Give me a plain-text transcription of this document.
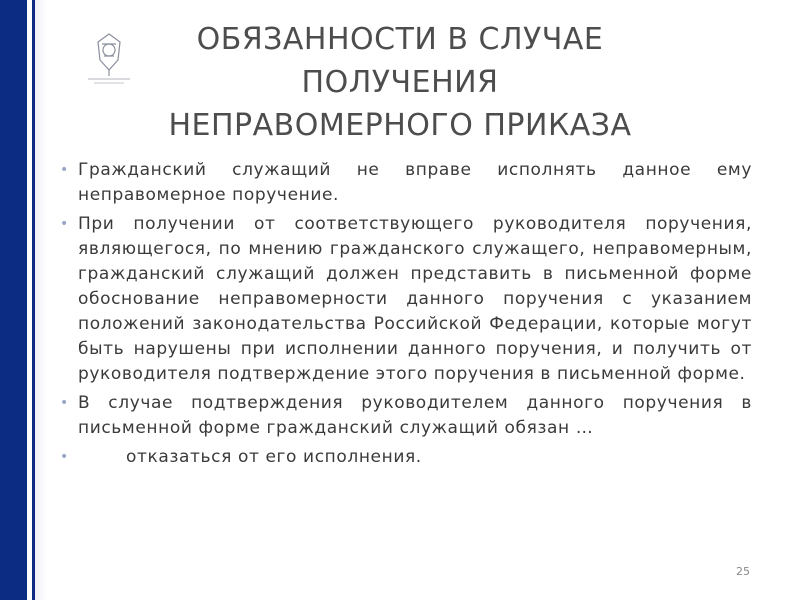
ОБЯЗАННОСТИ В СЛУЧАЕ
ПОЛУЧЕНИЯ
НЕПРАВОМЕРНОГО ПРИКАЗА
• Гражданский служащий не вправе исполнять данное ему неправомерное поручение.
• При получении от соответствующего руководителя поручения, являющегося, по мнению гражданского служащего, неправомерным, гражданский служащий должен представить в письменной форме обоснование неправомерности данного поручения с указанием положений законодательства Российской Федерации, которые могут быть нарушены при исполнении данного поручения, и получить от руководителя подтверждение этого поручения в письменной форме.
• В случае подтверждения руководителем данного поручения в письменной форме гражданский служащий обязан …
•	отказаться от его исполнения.
25
